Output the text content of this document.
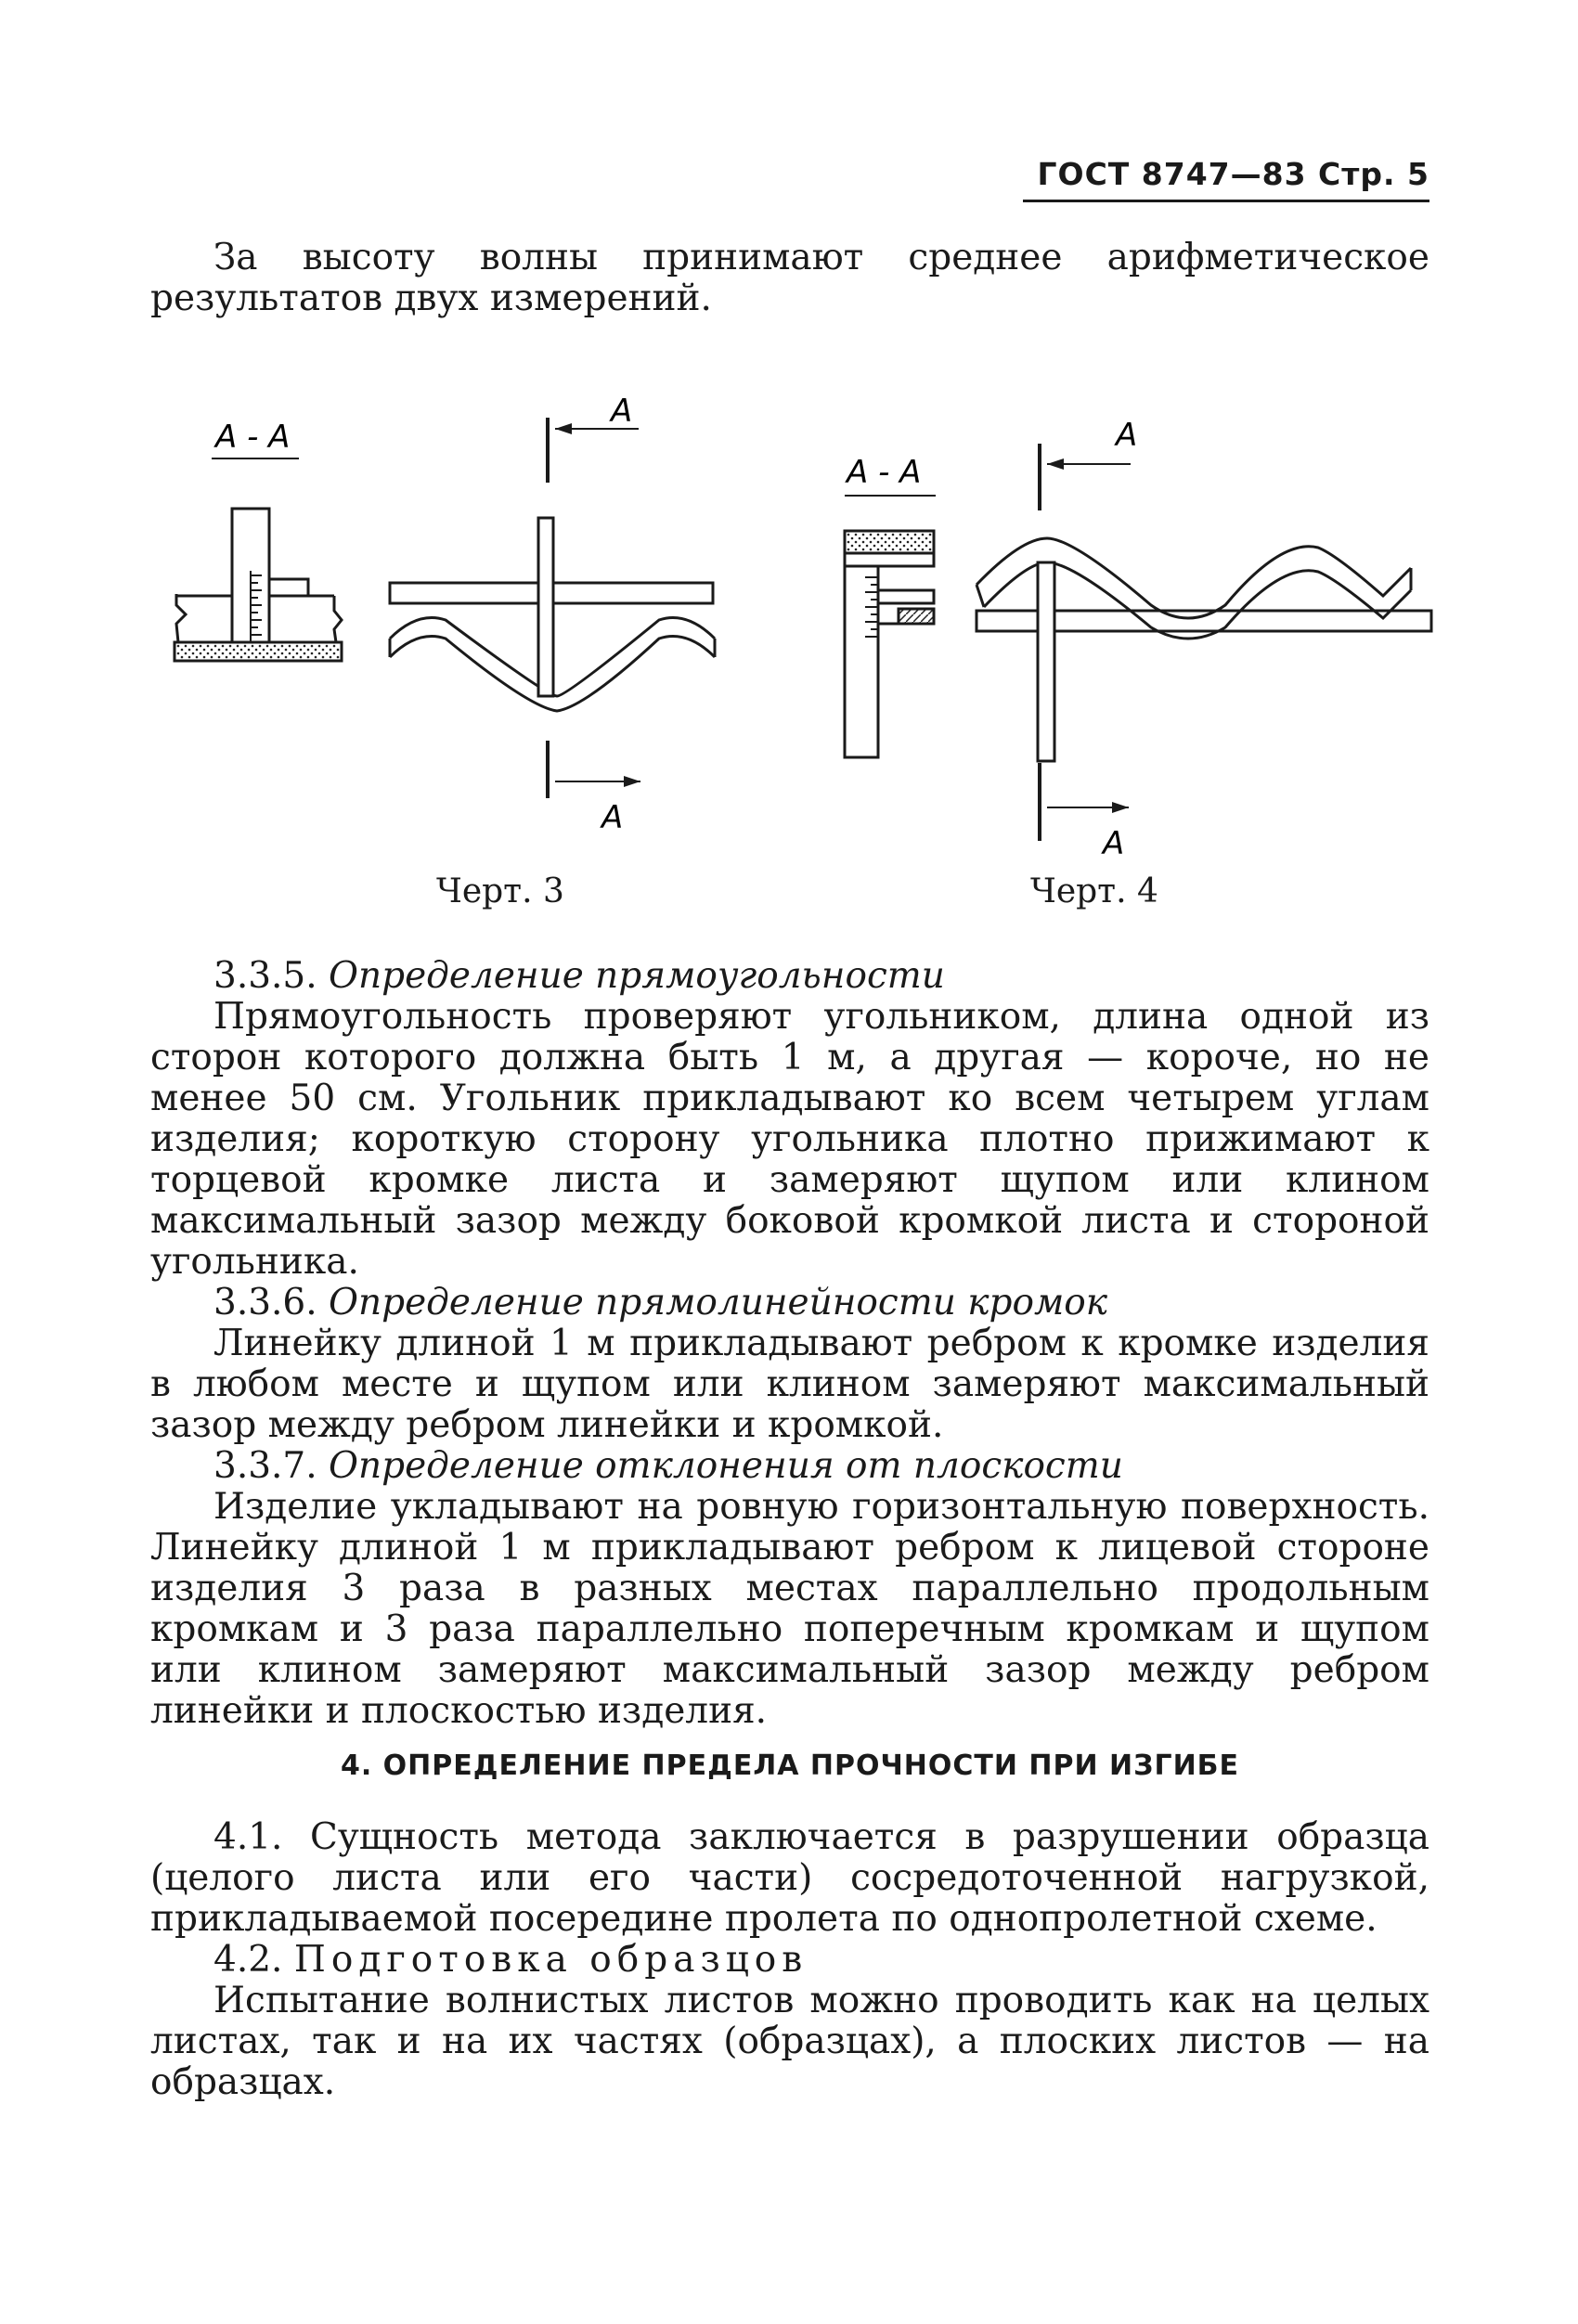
ГОСТ 8747—83 Стр. 5

За высоту волны принимают среднее арифметическое результатов двух измерений.

А - А
А
А
А - А
А
А
Черт. 3	Черт. 4

3.3.5. Определение прямоугольности

Прямоугольность проверяют угольником, длина одной из сторон которого должна быть 1 м, а другая — короче, но не менее 50 см. Угольник прикладывают ко всем четырем углам изделия; короткую сторону угольника плотно прижимают к торцевой кромке листа и замеряют щупом или клином максимальный зазор между боковой кромкой листа и стороной угольника.

3.3.6. Определение прямолинейности кромок

Линейку длиной 1 м прикладывают ребром к кромке изделия в любом месте и щупом или клином замеряют максимальный зазор между ребром линейки и кромкой.

3.3.7. Определение отклонения от плоскости

Изделие укладывают на ровную горизонтальную поверхность. Линейку длиной 1 м прикладывают ребром к лицевой стороне изделия 3 раза в разных местах параллельно продольным кромкам и 3 раза параллельно поперечным кромкам и щупом или клином замеряют максимальный зазор между ребром линейки и плоскостью изделия.

4. ОПРЕДЕЛЕНИЕ ПРЕДЕЛА ПРОЧНОСТИ ПРИ ИЗГИБЕ

4.1. Сущность метода заключается в разрушении образца (целого листа или его части) сосредоточенной нагрузкой, прикладываемой посередине пролета по однопролетной схеме.

4.2. Подготовка образцов

Испытание волнистых листов можно проводить как на целых листах, так и на их частях (образцах), а плоских листов — на образцах.
